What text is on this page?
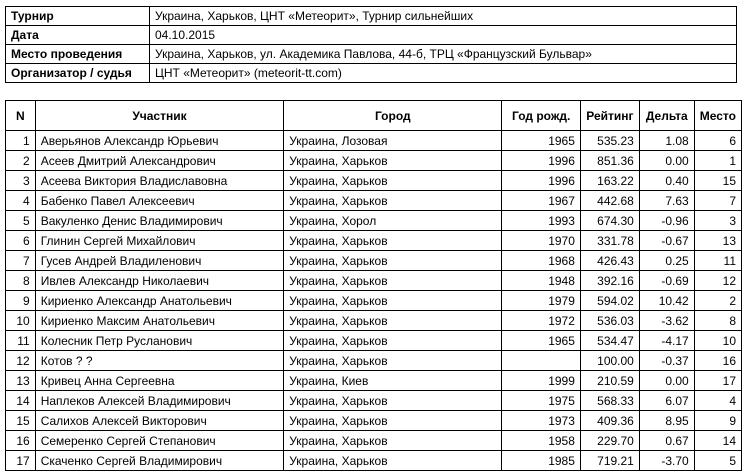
Турнир	Украина, Харьков, ЦНТ «Метеорит», Турнир сильнейших
Дата	04.10.2015
Место проведения	Украина, Харьков, ул. Академика Павлова, 44-б, ТРЦ «Французский Бульвар»
Организатор / судья	ЦНТ «Метеорит» (meteorit-tt.com)
N	Участник	Город	Год рожд.	Рейтинг	Дельта	Место
1	Аверьянов Александр Юрьевич	Украина, Лозовая	1965	535.23	1.08	6
2	Асеев Дмитрий Александрович	Украина, Харьков	1996	851.36	0.00	1
3	Асеева Виктория Владиславовна	Украина, Харьков	1996	163.22	0.40	15
4	Бабенко Павел Алексеевич	Украина, Харьков	1967	442.68	7.63	7
5	Вакуленко Денис Владимирович	Украина, Хорол	1993	674.30	-0.96	3
6	Глинин Сергей Михайлович	Украина, Харьков	1970	331.78	-0.67	13
7	Гусев Андрей Владиленович	Украина, Харьков	1968	426.43	0.25	11
8	Ивлев Александр Николаевич	Украина, Харьков	1948	392.16	-0.69	12
9	Кириенко Александр Анатольевич	Украина, Харьков	1979	594.02	10.42	2
10	Кириенко Максим Анатольевич	Украина, Харьков	1972	536.03	-3.62	8
11	Колесник Петр Русланович	Украина, Харьков	1965	534.47	-4.17	10
12	Котов ? ?	Украина, Харьков		100.00	-0.37	16
13	Кривец Анна Сергеевна	Украина, Киев	1999	210.59	0.00	17
14	Наплеков Алексей Владимирович	Украина, Харьков	1975	568.33	6.07	4
15	Салихов Алексей Викторович	Украина, Харьков	1973	409.36	8.95	9
16	Семеренко Сергей Степанович	Украина, Харьков	1958	229.70	0.67	14
17	Скаченко Сергей Владимирович	Украина, Харьков	1985	719.21	-3.70	5
